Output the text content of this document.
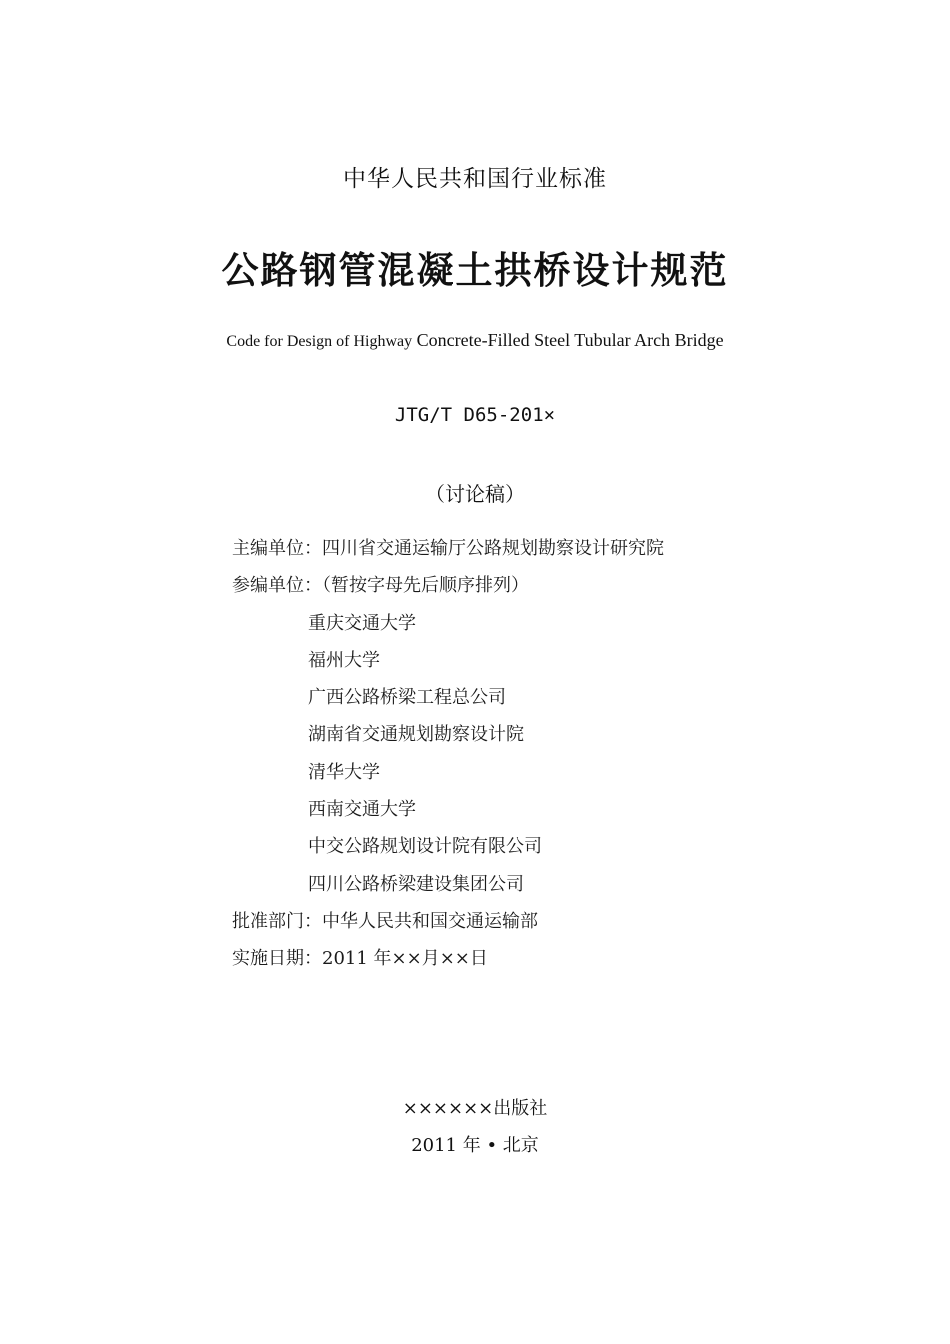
中华人民共和国行业标准
公路钢管混凝土拱桥设计规范
Code for Design of Highway Concrete-Filled Steel Tubular Arch Bridge
JTG/T D65-201×
（讨论稿）
主编单位：四川省交通运输厅公路规划勘察设计研究院
参编单位：（暂按字母先后顺序排列）
重庆交通大学
福州大学
广西公路桥梁工程总公司
湖南省交通规划勘察设计院
清华大学
西南交通大学
中交公路规划设计院有限公司
四川公路桥梁建设集团公司
批准部门：中华人民共和国交通运输部
实施日期：2011 年××月××日
××××××出版社
2011 年 • 北京
